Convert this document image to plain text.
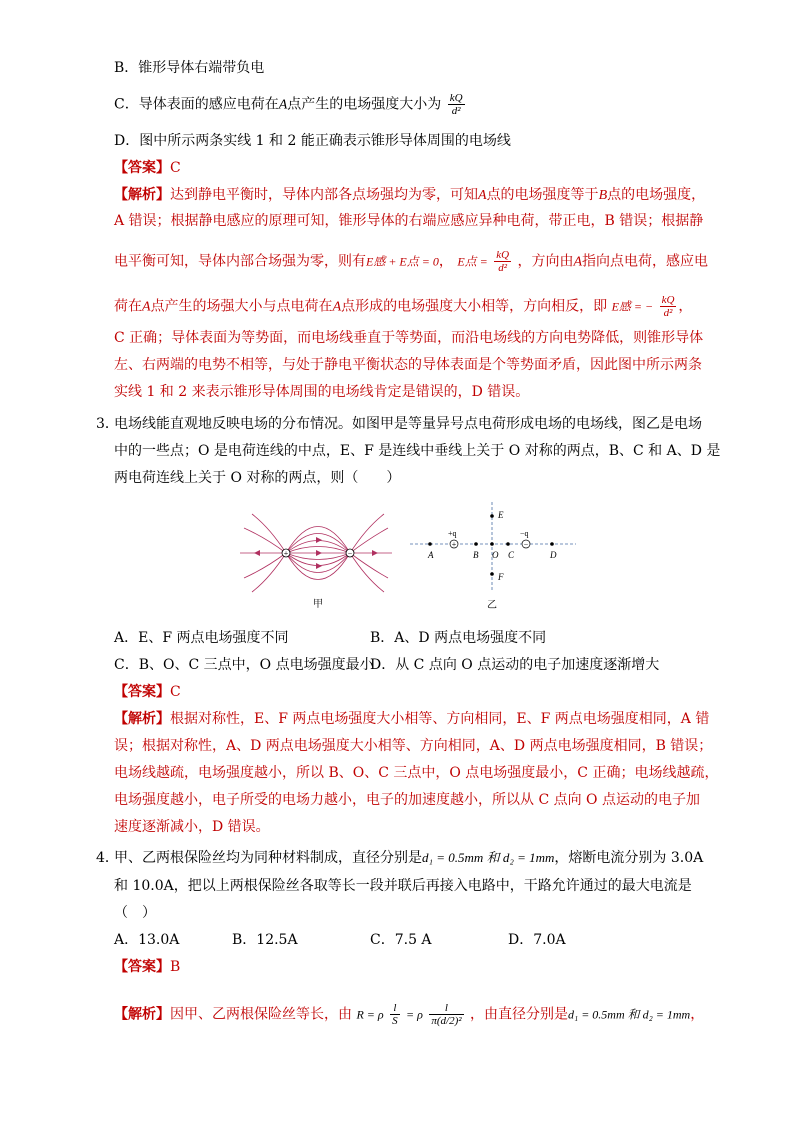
B．锥形导体右端带负电
C．导体表面的感应电荷在A点产生的电场强度大小为 $\frac{kQ}{\text{d²}}$
D．图中所示两条实线 1 和 2 能正确表示锥形导体周围的电场线
【答案】C
【解析】达到静电平衡时，导体内部各点场强均为零，可知A点的电场强度等于B点的电场强度，
A 错误；根据静电感应的原理可知，锥形导体的右端应感应异种电荷，带正电，B 错误；根据静
电平衡可知，导体内部合场强为零，则有E感 + E点 = 0， E点 = $\frac{kQ}{\text{d²}}$ ，方向由A指向点电荷，感应电
荷在A点产生的场强大小与点电荷在A点形成的电场强度大小相等，方向相反，即 E感 = − $\frac{kQ}{\text{d²}}$ ，
C 正确；导体表面为等势面，而电场线垂直于等势面，而沿电场线的方向电势降低，则锥形导体
左、右两端的电势不相等，与处于静电平衡状态的导体表面是个等势面矛盾，因此图中所示两条
实线 1 和 2 来表示锥形导体周围的电场线肯定是错误的，D 错误。
3．
电场线能直观地反映电场的分布情况。如图甲是等量异号点电荷形成电场的电场线，图乙是电场
中的一些点；O 是电荷连线的中点，E、F 是连线中垂线上关于 O 对称的两点，B、C 和 A、D 是
两电荷连线上关于 O 对称的两点，则（　　）
+	−
甲
+	−
A
+q
B O C
−q
D
E
F
乙
A．E、F 两点电场强度不同	B．A、D 两点电场强度不同
C．B、O、C 三点中，O 点电场强度最小
D．从 C 点向 O 点运动的电子加速度逐渐增大
【答案】C
【解析】根据对称性，E、F 两点电场强度大小相等、方向相同，E、F 两点电场强度相同，A 错
误；根据对称性，A、D 两点电场强度大小相等、方向相同，A、D 两点电场强度相同，B 错误；
电场线越疏，电场强度越小，所以 B、O、C 三点中，O 点电场强度最小，C 正确；电场线越疏，
电场强度越小，电子所受的电场力越小，电子的加速度越小，所以从 C 点向 O 点运动的电子加
速度逐渐减小，D 错误。
4．
甲、乙两根保险丝均为同种材料制成，直径分别是d₁ = 0.5mm 和 d₂ = 1mm，熔断电流分别为 3.0A
和 10.0A，把以上两根保险丝各取等长一段并联后再接入电路中，干路允许通过的最大电流是
（　）
A．13.0A	B．12.5A	C．7.5 A	D．7.0A
【答案】B
【解析】因甲、乙两根保险丝等长，由 R = ρ $\frac{l}{S} = \rho \frac{l}{\text{π(d/2)²}}$ ，由直径分别是d₁ = 0.5mm 和 d₂ = 1mm，
